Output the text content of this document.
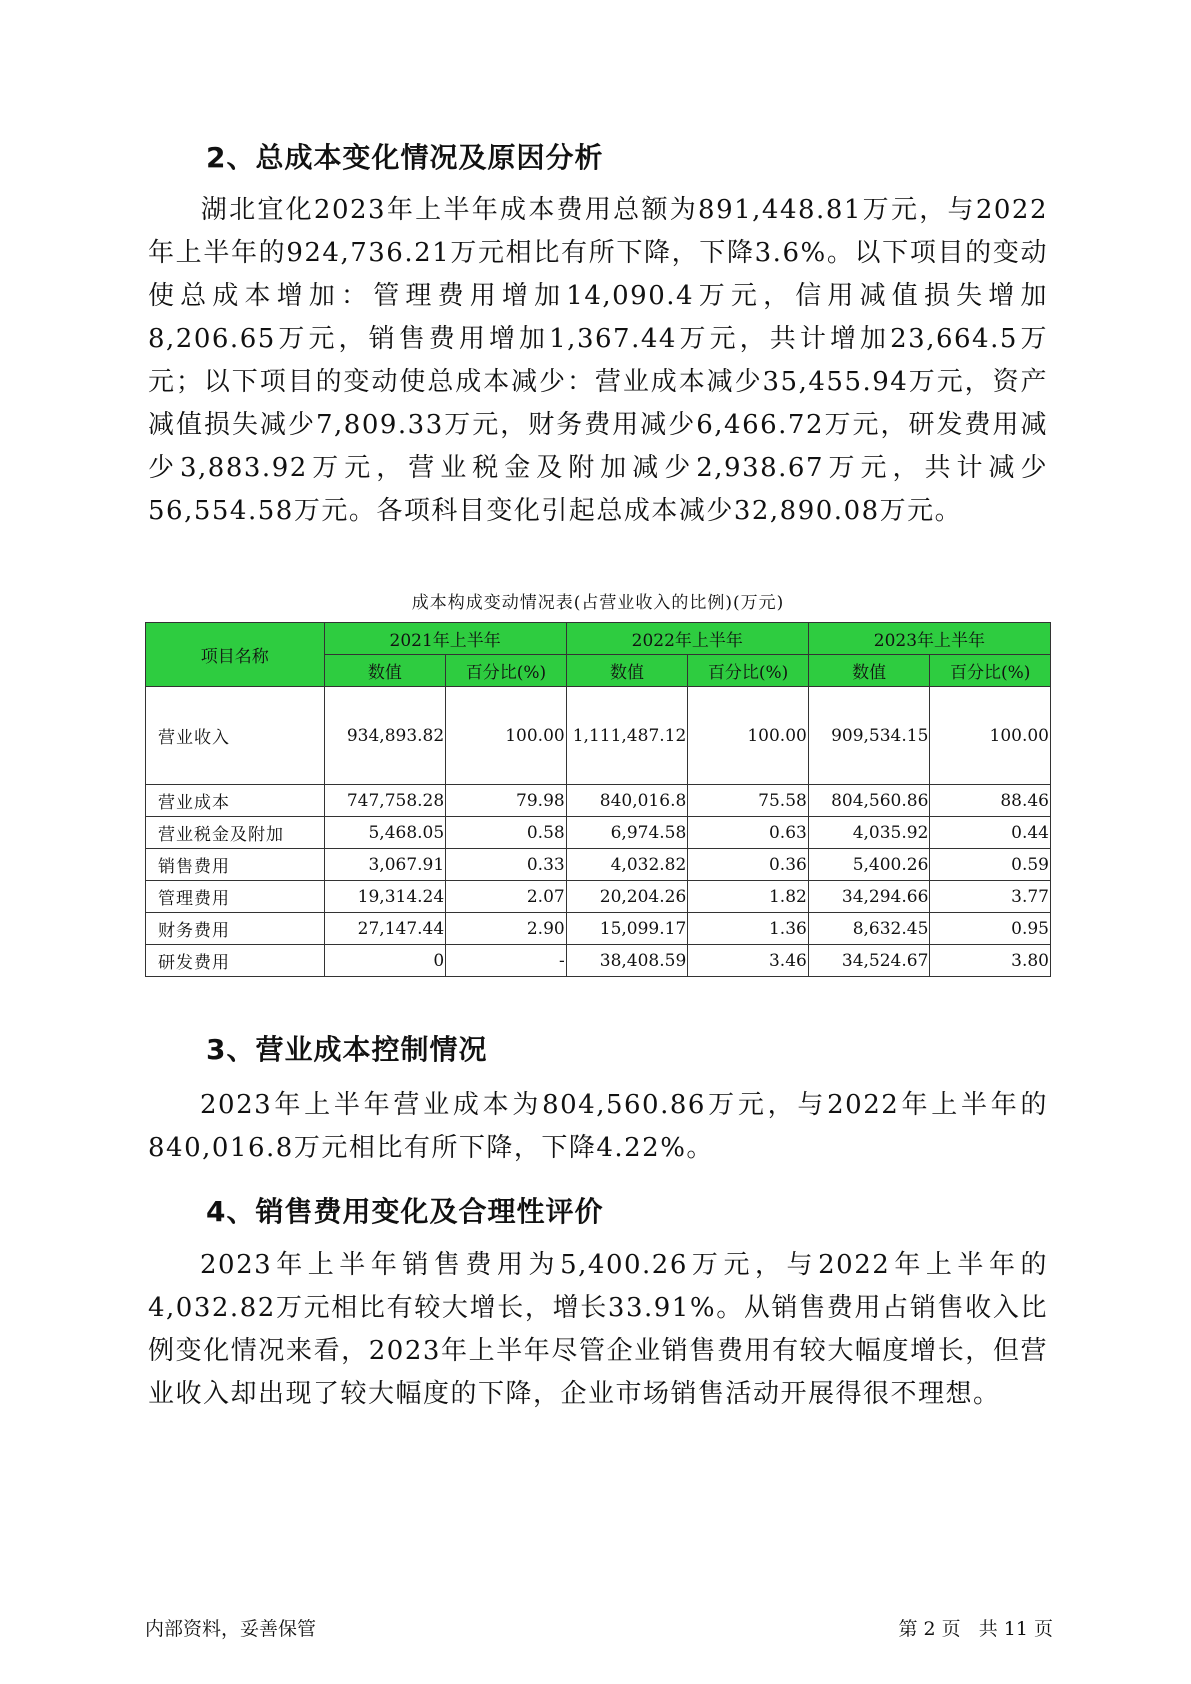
2、总成本变化情况及原因分析

湖北宜化2023年上半年成本费用总额为891,448.81万元，与2022年上半年的924,736.21万元相比有所下降，下降3.6%。以下项目的变动使总成本增加：管理费用增加14,090.4万元，信用减值损失增加8,206.65万元，销售费用增加1,367.44万元，共计增加23,664.5万元；以下项目的变动使总成本减少：营业成本减少35,455.94万元，资产减值损失减少7,809.33万元，财务费用减少6,466.72万元，研发费用减少3,883.92万元，营业税金及附加减少2,938.67万元，共计减少56,554.58万元。各项科目变化引起总成本减少32,890.08万元。

成本构成变动情况表(占营业收入的比例)(万元)

项目名称	2021年上半年		2022年上半年		2023年上半年	
	数值	百分比(%)	数值	百分比(%)	数值	百分比(%)
营业收入	934,893.82	100.00	1,111,487.12	100.00	909,534.15	100.00
营业成本	747,758.28	79.98	840,016.8	75.58	804,560.86	88.46
营业税金及附加	5,468.05	0.58	6,974.58	0.63	4,035.92	0.44
销售费用	3,067.91	0.33	4,032.82	0.36	5,400.26	0.59
管理费用	19,314.24	2.07	20,204.26	1.82	34,294.66	3.77
财务费用	27,147.44	2.90	15,099.17	1.36	8,632.45	0.95
研发费用	0	-	38,408.59	3.46	34,524.67	3.80
3、营业成本控制情况

2023年上半年营业成本为804,560.86万元，与2022年上半年的840,016.8万元相比有所下降，下降4.22%。

4、销售费用变化及合理性评价

2023年上半年销售费用为5,400.26万元，与2022年上半年的4,032.82万元相比有较大增长，增长33.91%。从销售费用占销售收入比例变化情况来看，2023年上半年尽管企业销售费用有较大幅度增长，但营业收入却出现了较大幅度的下降，企业市场销售活动开展得很不理想。

内部资料，妥善保管	第 2 页   共 11 页
